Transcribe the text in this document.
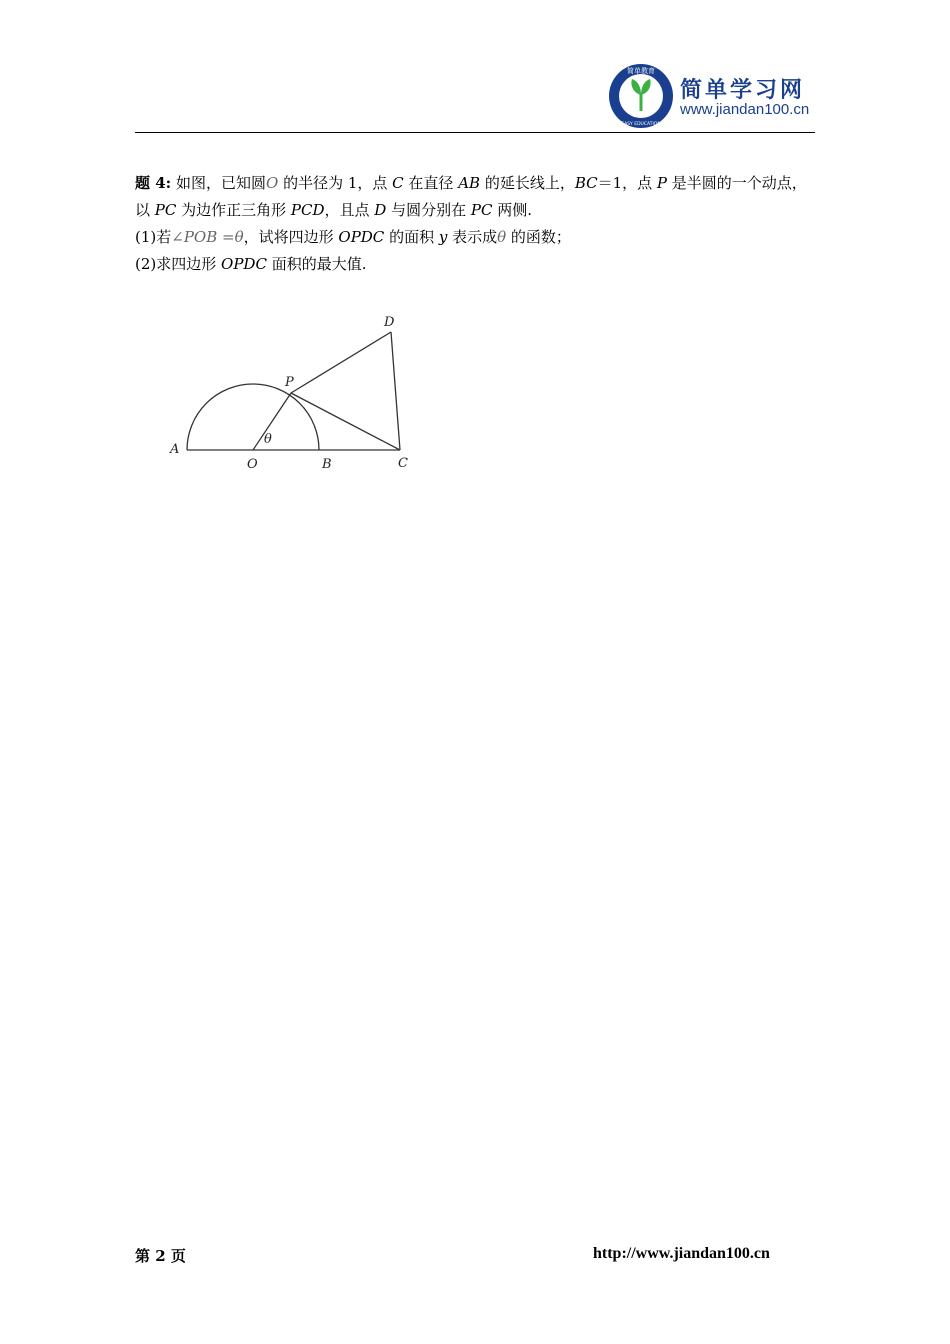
简单教育
EASY EDUCATION
简单学习网
www.jiandan100.cn

题 4: 如图，已知圆O 的半径为 1，点 C 在直径 AB 的延长线上，BC＝1，点 P 是半圆的一个动点，

以 PC 为边作正三角形 PCD，且点 D 与圆分别在 PC 两侧.

(1)若∠POB =θ，试将四边形 OPDC 的面积 y 表示成θ 的函数；

(2)求四边形 OPDC 面积的最大值.

A
O	B	C
P
D
θ
第 2 页	http://www.jiandan100.cn
